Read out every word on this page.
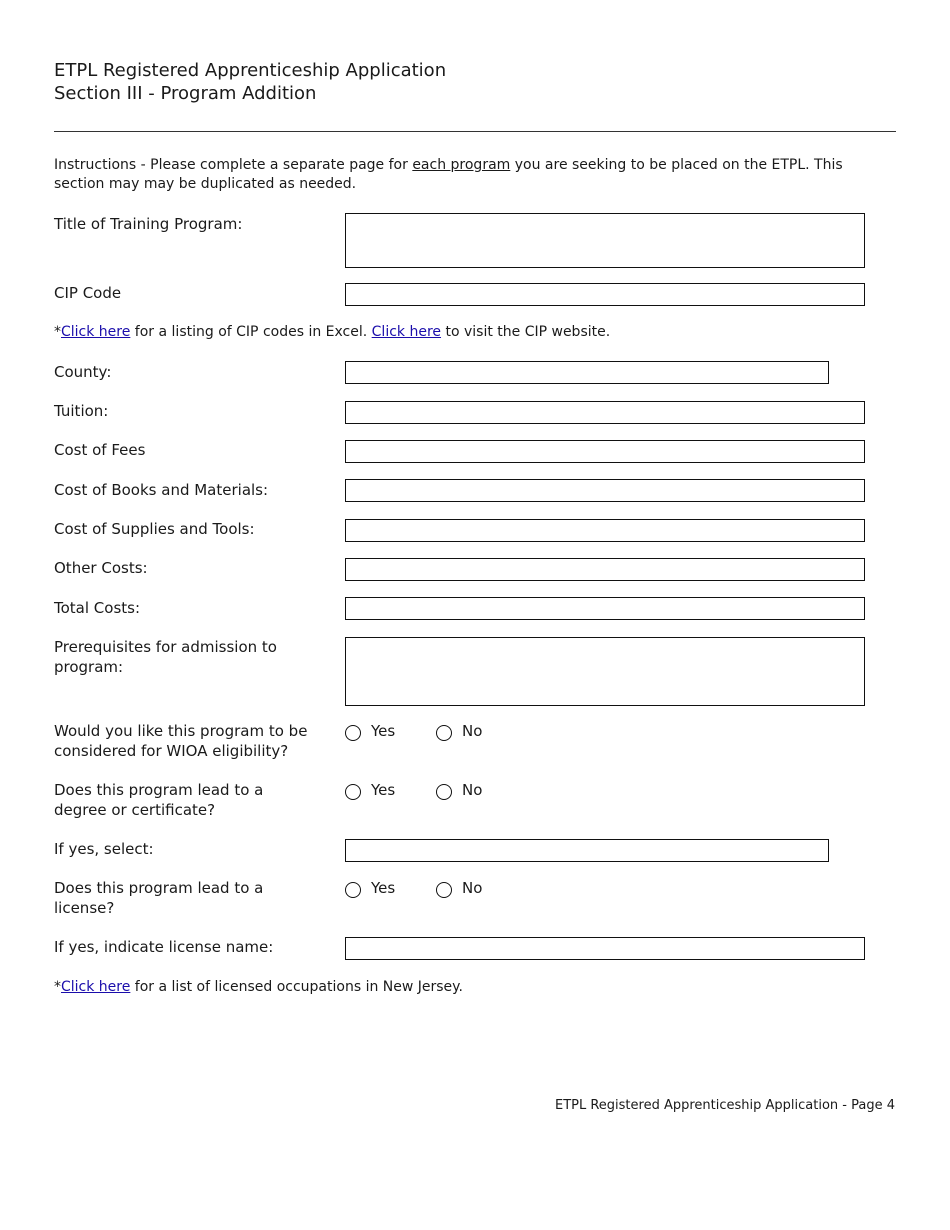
ETPL Registered Apprenticeship Application
Section III - Program Addition
Instructions - Please complete a separate page for each program you are seeking to be placed on the ETPL. This section may may be duplicated as needed.
Title of Training Program:
CIP Code
*Click here for a listing of CIP codes in Excel. Click here to visit the CIP website.
County:
Tuition:
Cost of Fees
Cost of Books and Materials:
Cost of Supplies and Tools:
Other Costs:
Total Costs:
Prerequisites for admission to program:
Would you like this program to be considered for WIOA eligibility?
Yes	No
Does this program lead to a degree or certificate?
Yes	No
If yes, select:
Does this program lead to a license?
Yes	No
If yes, indicate license name:
*Click here for a list of licensed occupations in New Jersey.
ETPL Registered Apprenticeship Application - Page 4
